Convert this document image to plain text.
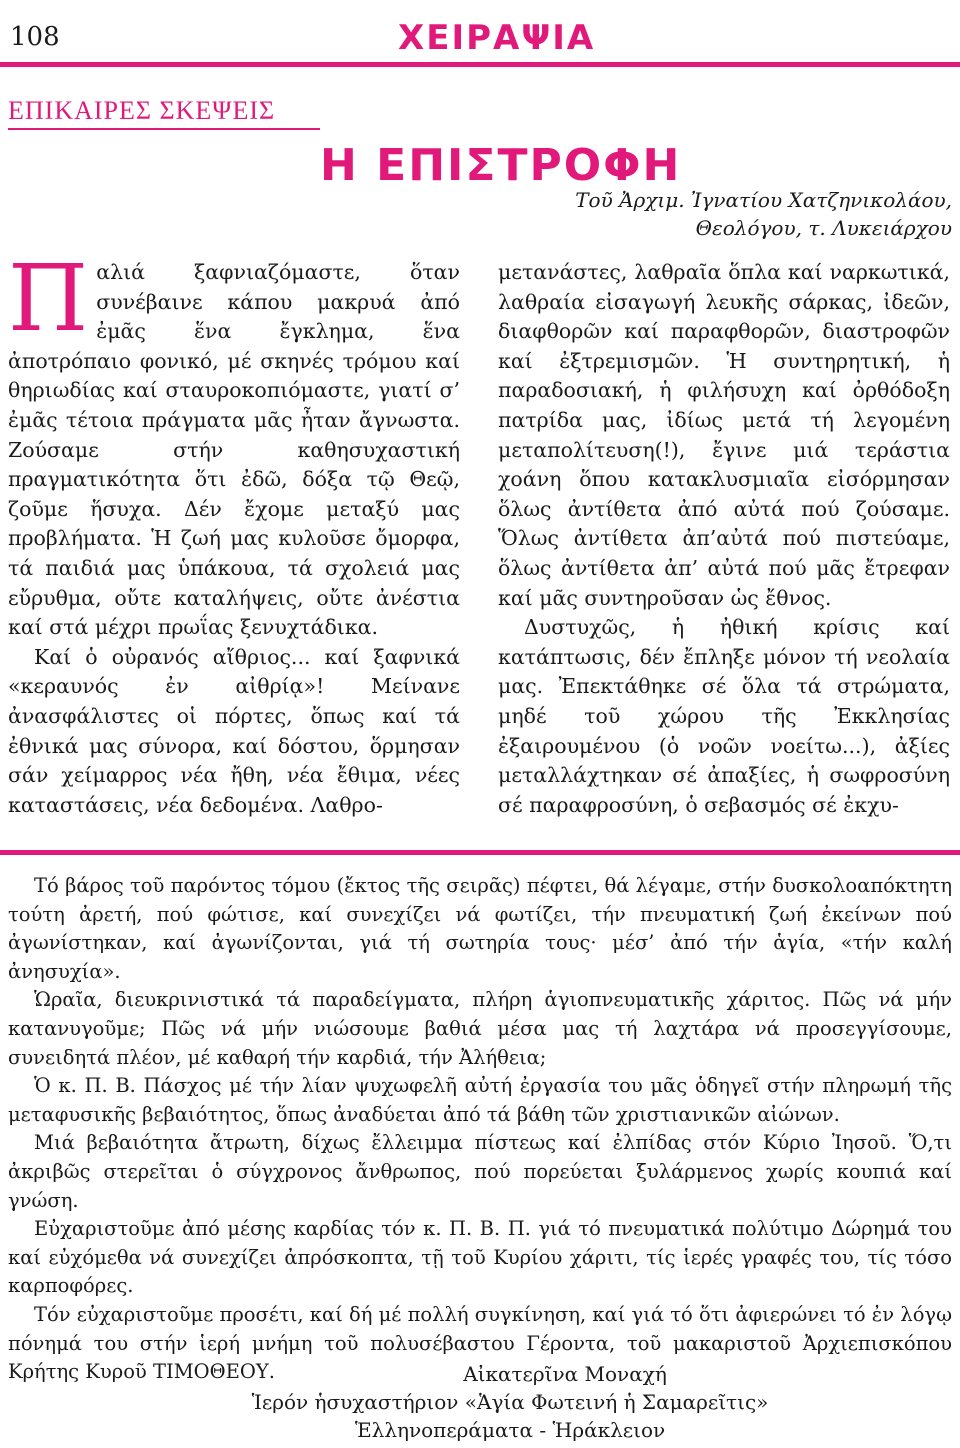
108	ΧΕΙΡΑΨΙΑ
ΕΠΙΚΑΙΡΕΣ ΣΚΕΨΕΙΣ
Η ΕΠΙΣΤΡΟΦΗ
Τοῦ Ἀρχιμ. Ἰγνατίου Χατζηνικολάου,
Θεολόγου, τ. Λυκειάρχου

Παλιά ξαφνιαζόμαστε, ὅταν συνέβαινε κάπου μακρυά ἀπό ἐμᾶς ἕνα ἔγκλημα, ἕνα ἀποτρόπαιο φονικό, μέ σκηνές τρόμου καί θηριωδίας καί σταυροκοπιόμαστε, γιατί σ’ ἐμᾶς τέτοια πράγματα μᾶς ἦταν ἄγνωστα. Ζούσαμε στήν καθησυχαστική πραγματικότητα ὅτι ἐδῶ, δόξα τῷ Θεῷ, ζοῦμε ἥσυχα. Δέν ἔχομε μεταξύ μας προβλήματα. Ἡ ζωή μας κυλοῦσε ὄμορφα, τά παιδιά μας ὑπάκουα, τά σχολειά μας εὔρυθμα, οὔτε καταλήψεις, οὔτε ἀνέστια καί στά μέχρι πρωΐας ξενυχτάδικα.

Καί ὁ οὐρανός αἴθριος... καί ξαφνικά «κεραυνός ἐν αἰθρίᾳ»! Μείνανε ἀνασφάλιστες οἱ πόρτες, ὅπως καί τά ἐθνικά μας σύνορα, καί δόστου, ὅρμησαν σάν χείμαρρος νέα ἤθη, νέα ἔθιμα, νέες καταστάσεις, νέα δεδομένα. Λαθρο-

μετανάστες, λαθραῖα ὅπλα καί ναρκωτικά, λαθραία εἰσαγωγή λευκῆς σάρκας, ἰδεῶν, διαφθορῶν καί παραφθορῶν, διαστροφῶν καί ἐξτρεμισμῶν. Ἡ συντηρητική, ἡ παραδοσιακή, ἡ φιλήσυχη καί ὀρθόδοξη πατρίδα μας, ἰδίως μετά τή λεγομένη μεταπολίτευση(!), ἔγινε μιά τεράστια χοάνη ὅπου κατακλυσμιαῖα εἰσόρμησαν ὅλως ἀντίθετα ἀπό αὐτά πού ζούσαμε. Ὅλως ἀντίθετα ἀπ’αὐτά πού πιστεύαμε, ὅλως ἀντίθετα ἀπ’ αὐτά πού μᾶς ἔτρεφαν καί μᾶς συντηροῦσαν ὡς ἔθνος.

Δυστυχῶς, ἡ ἠθική κρίσις καί κατάπτωσις, δέν ἔπληξε μόνον τή νεολαία μας. Ἐπεκτάθηκε σέ ὅλα τά στρώματα, μηδέ τοῦ χώρου τῆς Ἐκκλησίας ἐξαιρουμένου (ὁ νοῶν νοείτω...), ἀξίες μεταλλάχτηκαν σέ ἀπαξίες, ἡ σωφροσύνη σέ παραφροσύνη, ὁ σεβασμός σέ ἐκχυ-

Τό βάρος τοῦ παρόντος τόμου (ἔκτος τῆς σειρᾶς) πέφτει, θά λέγαμε, στήν δυσκολοαπόκτητη τούτη ἀρετή, πού φώτισε, καί συνεχίζει νά φωτίζει, τήν πνευματική ζωή ἐκείνων πού ἀγωνίστηκαν, καί ἀγωνίζονται, γιά τή σωτηρία τους· μέσ’ ἀπό τήν ἁγία, «τήν καλή ἀνησυχία».

Ὡραῖα, διευκρινιστικά τά παραδείγματα, πλήρη ἁγιοπνευματικῆς χάριτος. Πῶς νά μήν κατανυγοῦμε; Πῶς νά μήν νιώσουμε βαθιά μέσα μας τή λαχτάρα νά προσεγγίσουμε, συνειδητά πλέον, μέ καθαρή τήν καρδιά, τήν Ἀλήθεια;

Ὁ κ. Π. Β. Πάσχος μέ τήν λίαν ψυχωφελῆ αὐτή ἐργασία του μᾶς ὁδηγεῖ στήν πληρωμή τῆς μεταφυσικῆς βεβαιότητος, ὅπως ἀναδύεται ἀπό τά βάθη τῶν χριστιανικῶν αἰώνων.

Μιά βεβαιότητα ἄτρωτη, δίχως ἔλλειμμα πίστεως καί ἐλπίδας στόν Κύριο Ἰησοῦ. Ὅ,τι ἀκριβῶς στερεῖται ὁ σύγχρονος ἄνθρωπος, πού πορεύεται ξυλάρμενος χωρίς κουπιά καί γνώση.

Εὐχαριστοῦμε ἀπό μέσης καρδίας τόν κ. Π. Β. Π. γιά τό πνευματικά πολύτιμο Δώρημά του καί εὐχόμεθα νά συνεχίζει ἀπρόσκοπτα, τῇ τοῦ Κυρίου χάριτι, τίς ἱερές γραφές του, τίς τόσο καρποφόρες.

Τόν εὐχαριστοῦμε προσέτι, καί δή μέ πολλή συγκίνηση, καί γιά τό ὅτι ἀφιερώνει τό ἐν λόγῳ πόνημά του στήν ἱερή μνήμη τοῦ πολυσέβαστου Γέροντα, τοῦ μακαριστοῦ Ἀρχιεπισκόπου Κρήτης Κυροῦ ΤΙΜΟΘΕΟΥ.	Αἰκατερῖνα Μοναχή

Ἱερόν ἡσυχαστήριον «Ἁγία Φωτεινή ἡ Σαμαρεῖτις»

Ἑλληνοπεράματα - Ἡράκλειον
